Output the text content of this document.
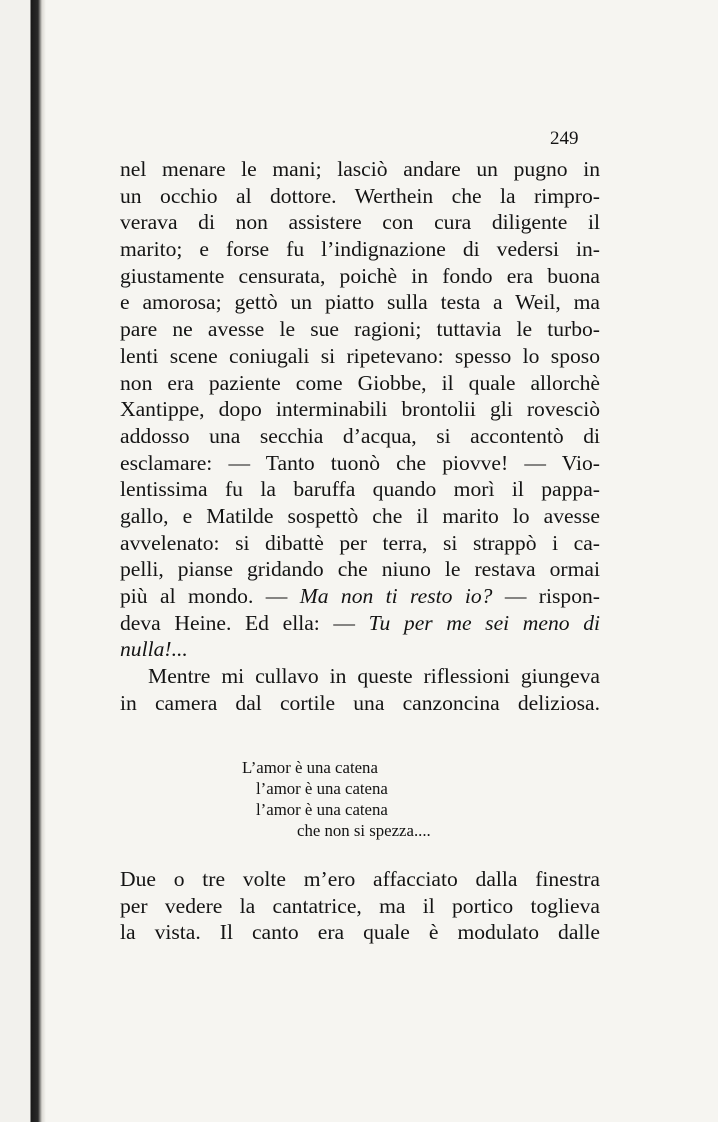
249
nel menare le mani; lasciò andare un pugno in
un occhio al dottore. Werthein che la rimpro-
verava di non assistere con cura diligente il
marito; e forse fu l’indignazione di vedersi in-
giustamente censurata, poichè in fondo era buona
e amorosa; gettò un piatto sulla testa a Weil, ma
pare ne avesse le sue ragioni; tuttavia le turbo-
lenti scene coniugali si ripetevano: spesso lo sposo
non era paziente come Giobbe, il quale allorchè
Xantippe, dopo interminabili brontolii gli rovesciò
addosso una secchia d’acqua, si accontentò di
esclamare: — Tanto tuonò che piovve! — Vio-
lentissima fu la baruffa quando morì il pappa-
gallo, e Matilde sospettò che il marito lo avesse
avvelenato: si dibattè per terra, si strappò i ca-
pelli, pianse gridando che niuno le restava ormai
più al mondo. — Ma non ti resto io? — rispon-
deva Heine. Ed ella: — Tu per me sei meno di
nulla!...
Mentre mi cullavo in queste riflessioni giungeva
in camera dal cortile una canzoncina deliziosa.
L’amor è una catena
l’amor è una catena
l’amor è una catena
che non si spezza....
Due o tre volte m’ero affacciato dalla finestra
per vedere la cantatrice, ma il portico toglieva
la vista. Il canto era quale è modulato dalle
